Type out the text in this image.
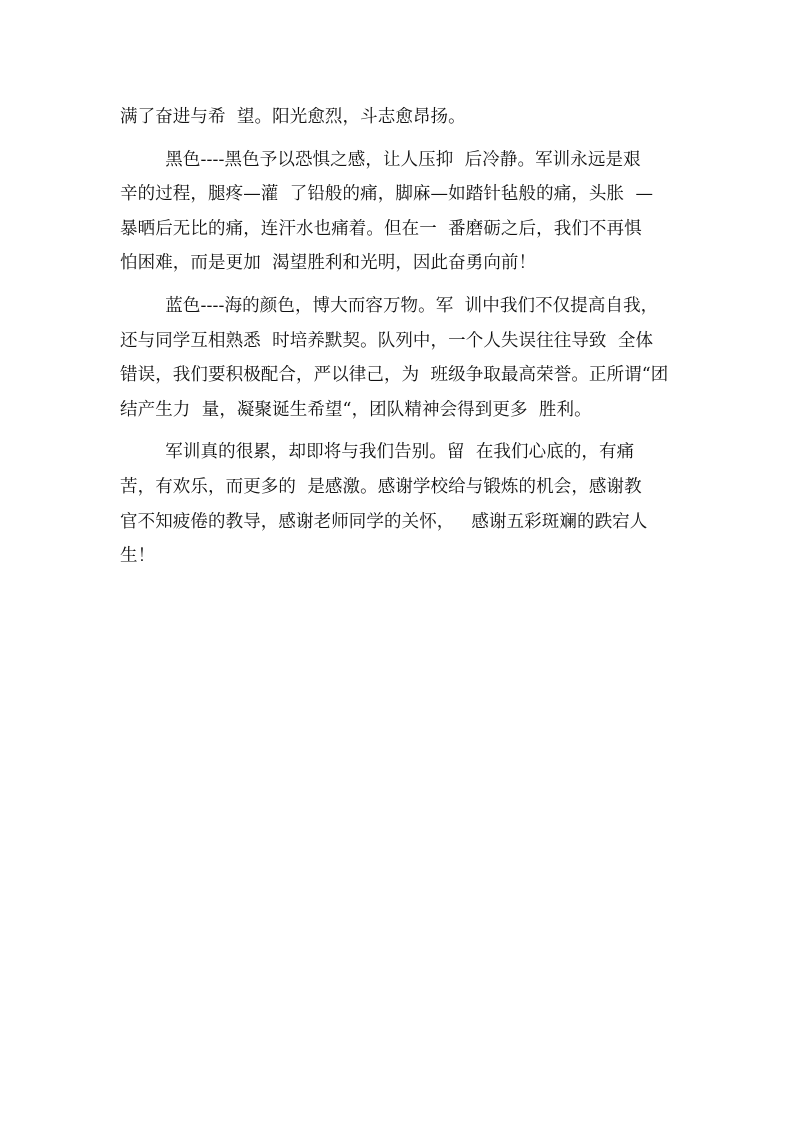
满了奋进与希  望。阳光愈烈，斗志愈昂扬。
黑色----黑色予以恐惧之感，让人压抑  后冷静。军训永远是艰
辛的过程，腿疼—灌  了铅般的痛，脚麻—如踏针毡般的痛，头胀  —
暴晒后无比的痛，连汗水也痛着。但在一  番磨砺之后，我们不再惧
怕困难，而是更加  渴望胜利和光明，因此奋勇向前！
蓝色----海的颜色，博大而容万物。军  训中我们不仅提高自我，
还与同学互相熟悉  时培养默契。队列中，一个人失误往往导致  全体
错误，我们要积极配合，严以律己，为  班级争取最高荣誉。正所谓“团
结产生力  量，凝聚诞生希望“，团队精神会得到更多  胜利。
军训真的很累，却即将与我们告别。留  在我们心底的，有痛
苦，有欢乐，而更多的  是感激。感谢学校给与锻炼的机会，感谢教
官不知疲倦的教导，感谢老师同学的关怀，   感谢五彩斑斓的跌宕人
生！
